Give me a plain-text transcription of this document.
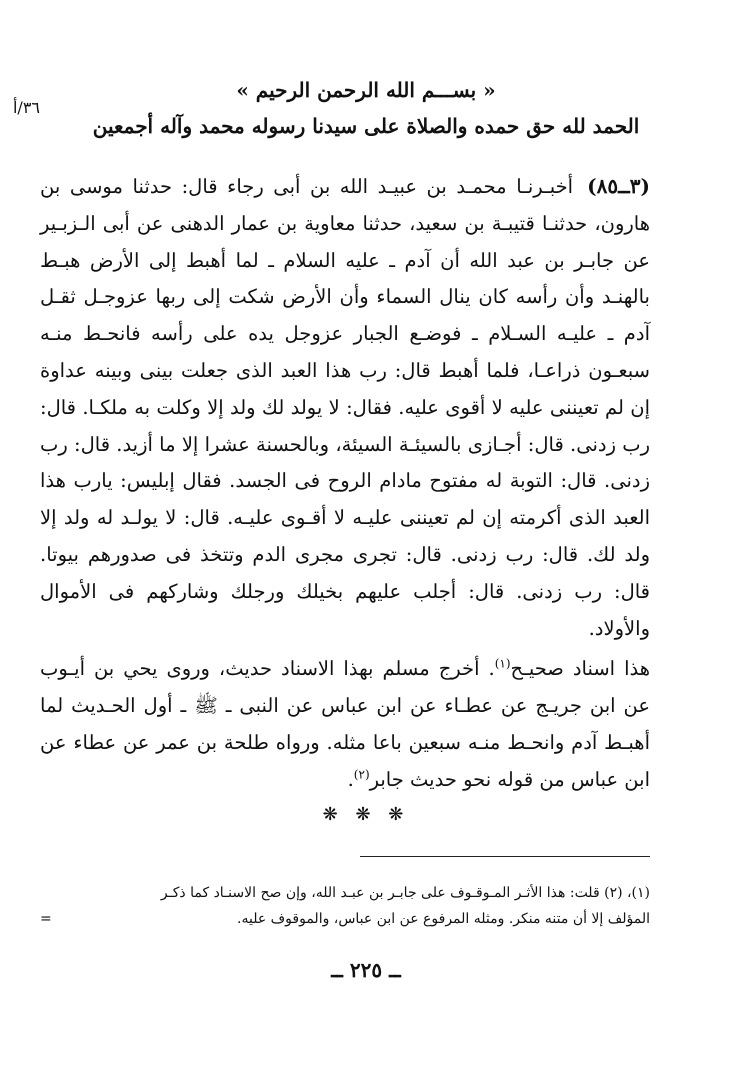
« بســـم الله الرحمن الرحيم »
٣٦/أ
الحمد لله حق حمده والصلاة على سيدنا رسوله محمد وآله أجمعين

(٣ــ٨٥)أخبـرنـا محمـد بن عبيـد الله بن أبى رجاء قال: حدثنا موسى بن هارون، حدثنـا قتيبـة بن سعيد، حدثنا معاوية بن عمار الدهنى عن أبى الـزبـير عن جابـر بن عبد الله أن آدم ـ عليه السلام ـ لما أهبط إلى الأرض هبـط بالهنـد وأن رأسه كان ينال السماء وأن الأرض شكت إلى ربها عزوجـل ثقـل آدم ـ عليـه السـلام ـ فوضـع الجبار عزوجل يده على رأسه فانحـط منـه سبعـون ذراعـا، فلما أهبط قال: رب هذا العبد الذى جعلت بينى وبينه عداوة إن لم تعيننى عليه لا أقوى عليه. فقال: لا يولد لك ولد إلا وكلت به ملكـا. قال: رب زدنى. قال: أجـازى بالسيئـة السيئة، وبالحسنة عشرا إلا ما أزيد. قال: رب زدنى. قال: التوبة له مفتوح مادام الروح فى الجسد. فقال إبليس: يارب هذا العبد الذى أكرمته إن لم تعيننى عليـه لا أقـوى عليـه. قال: لا يولـد له ولد إلا ولد لك. قال: رب زدنى. قال: تجرى مجرى الدم وتتخذ فى صدورهم بيوتا. قال: رب زدنى. قال: أجلب عليهم بخيلك ورجلك وشاركهم فى الأموال والأولاد.

هذا اسناد صحيـح$^{(١)}$. أخرج مسلم بهذا الاسناد حديث، وروى يحي بن أيـوب عن ابن جريـج عن عطـاء عن ابن عباس عن النبى ـ ﷺ ـ أول الحـديث لما أهبـط آدم وانحـط منـه سبعين باعا مثله. ورواه طلحة بن عمر عن عطاء عن ابن عباس من قوله نحو حديث جابر$^{(٢)}$.

❋ ❋ ❋

(١)، (٢) قلت: هذا الأثـر المـوقـوف على جابـر بن عبـد الله، وإن صح الاسنـاد كما ذكـر

المؤلف إلا أن متنه منكر. ومثله المرفوع عن ابن عباس، والموقوف عليه.
=

ــ ٢٢٥ ــ
